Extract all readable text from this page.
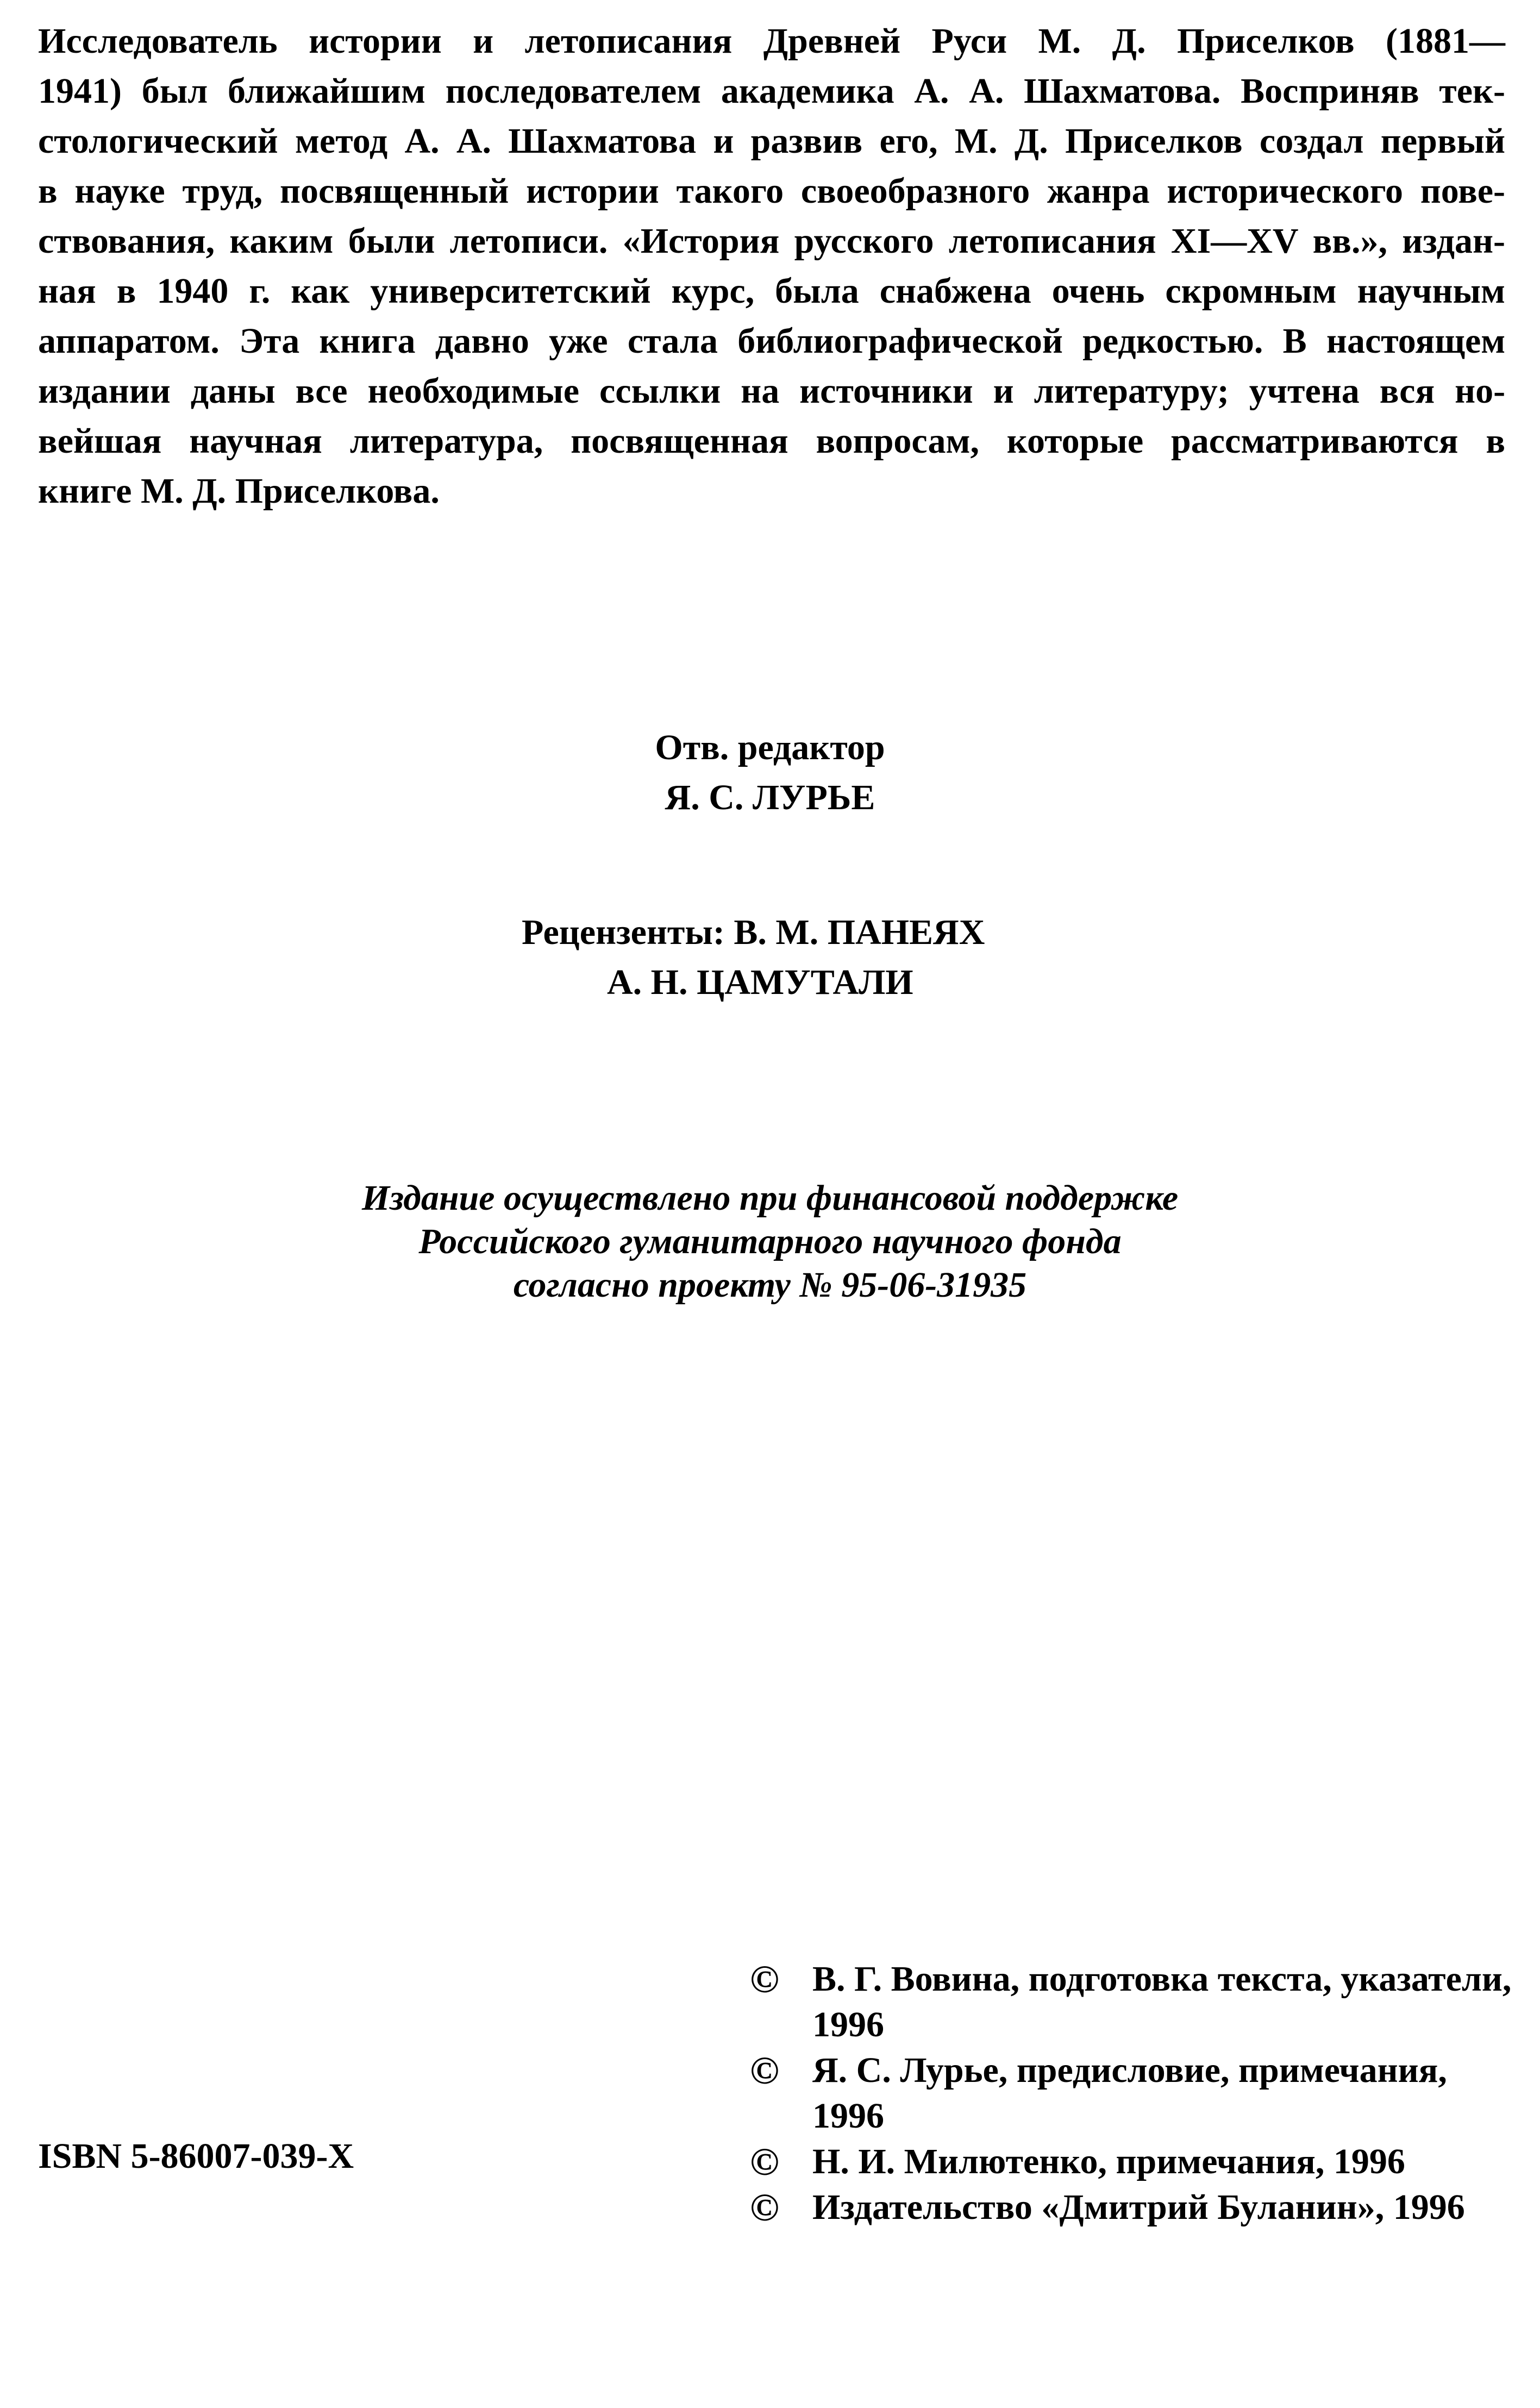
Исследователь истории и летописания Древней Руси М. Д. Приселков (1881—
1941) был ближайшим последователем академика А. А. Шахматова. Восприняв тек-
стологический метод А. А. Шахматова и развив его, М. Д. Приселков создал первый
в науке труд, посвященный истории такого своеобразного жанра исторического пове-
ствования, каким были летописи. «История русского летописания XI—XV вв.», издан-
ная в 1940 г. как университетский курс, была снабжена очень скромным научным
аппаратом. Эта книга давно уже стала библиографической редкостью. В настоящем
издании даны все необходимые ссылки на источники и литературу; учтена вся но-
вейшая научная литература, посвященная вопросам, которые рассматриваются в
книге М. Д. Приселкова.
Отв. редактор
Я. С. ЛУРЬЕ
Рецензенты: В. М. ПАНЕЯХ
А. Н. ЦАМУТАЛИ
Издание осуществлено при финансовой поддержке
Российского гуманитарного научного фонда
согласно проекту № 95-06-31935
ISBN 5-86007-039-X
© В. Г. Вовина, подготовка текста, указатели, 1996
© Я. С. Лурье, предисловие, примечания, 1996
© Н. И. Милютенко, примечания, 1996
© Издательство «Дмитрий Буланин», 1996
